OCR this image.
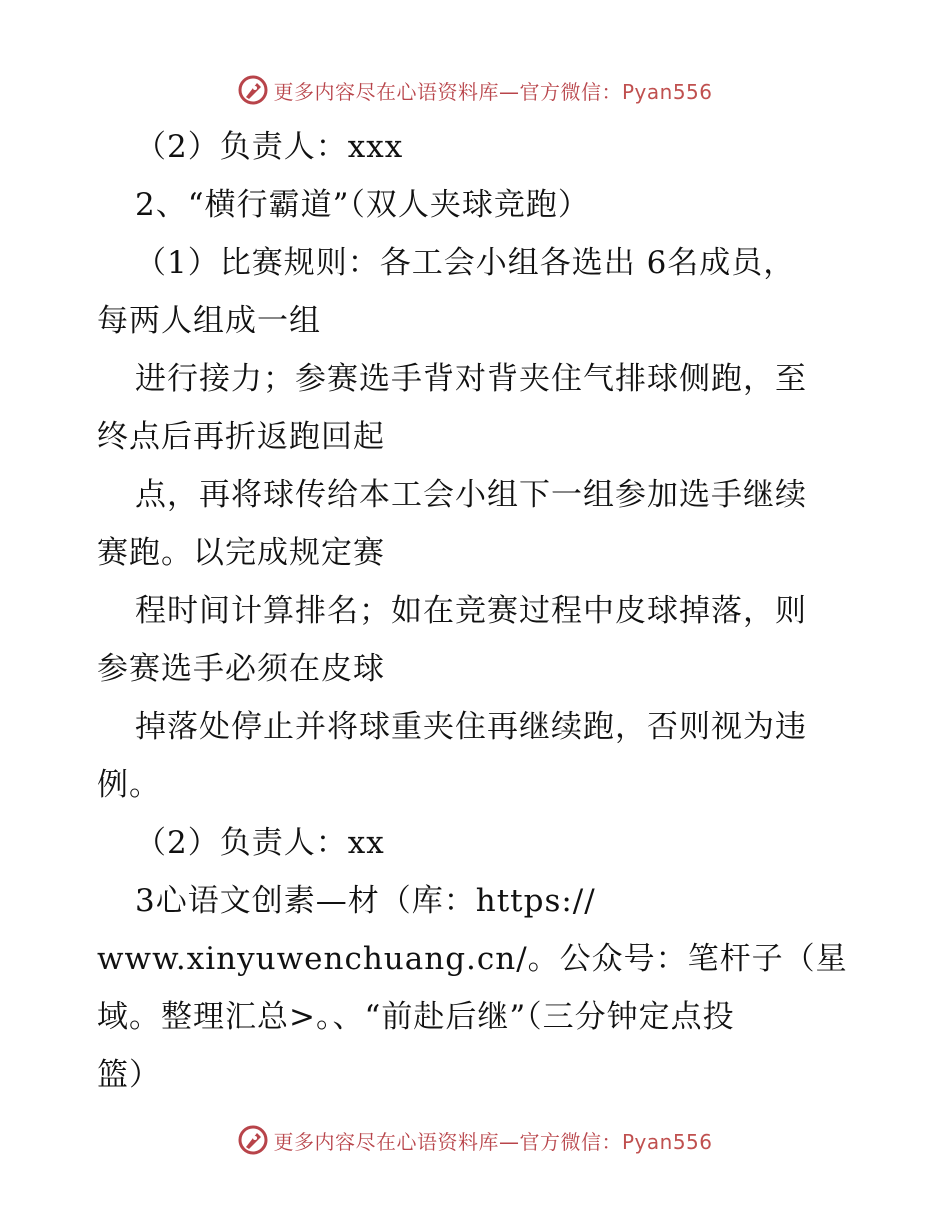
更多内容尽在心语资料库—官方微信：Pyan556
（2）负责人：xxx
2、“横行霸道”（双人夹球竞跑）
（1）比赛规则：各工会小组各选出 6名成员，
每两人组成一组
进行接力；参赛选手背对背夹住气排球侧跑，至
终点后再折返跑回起
点，再将球传给本工会小组下一组参加选手继续
赛跑。以完成规定赛
程时间计算排名；如在竞赛过程中皮球掉落，则
参赛选手必须在皮球
掉落处停止并将球重夹住再继续跑，否则视为违
例。
（2）负责人：xx
3心语文创素—材（库：https://
www.xinyuwenchuang.cn/。公众号：笔杆子（星
域。整理汇总>。、“前赴后继”（三分钟定点投
篮）
更多内容尽在心语资料库—官方微信：Pyan556
